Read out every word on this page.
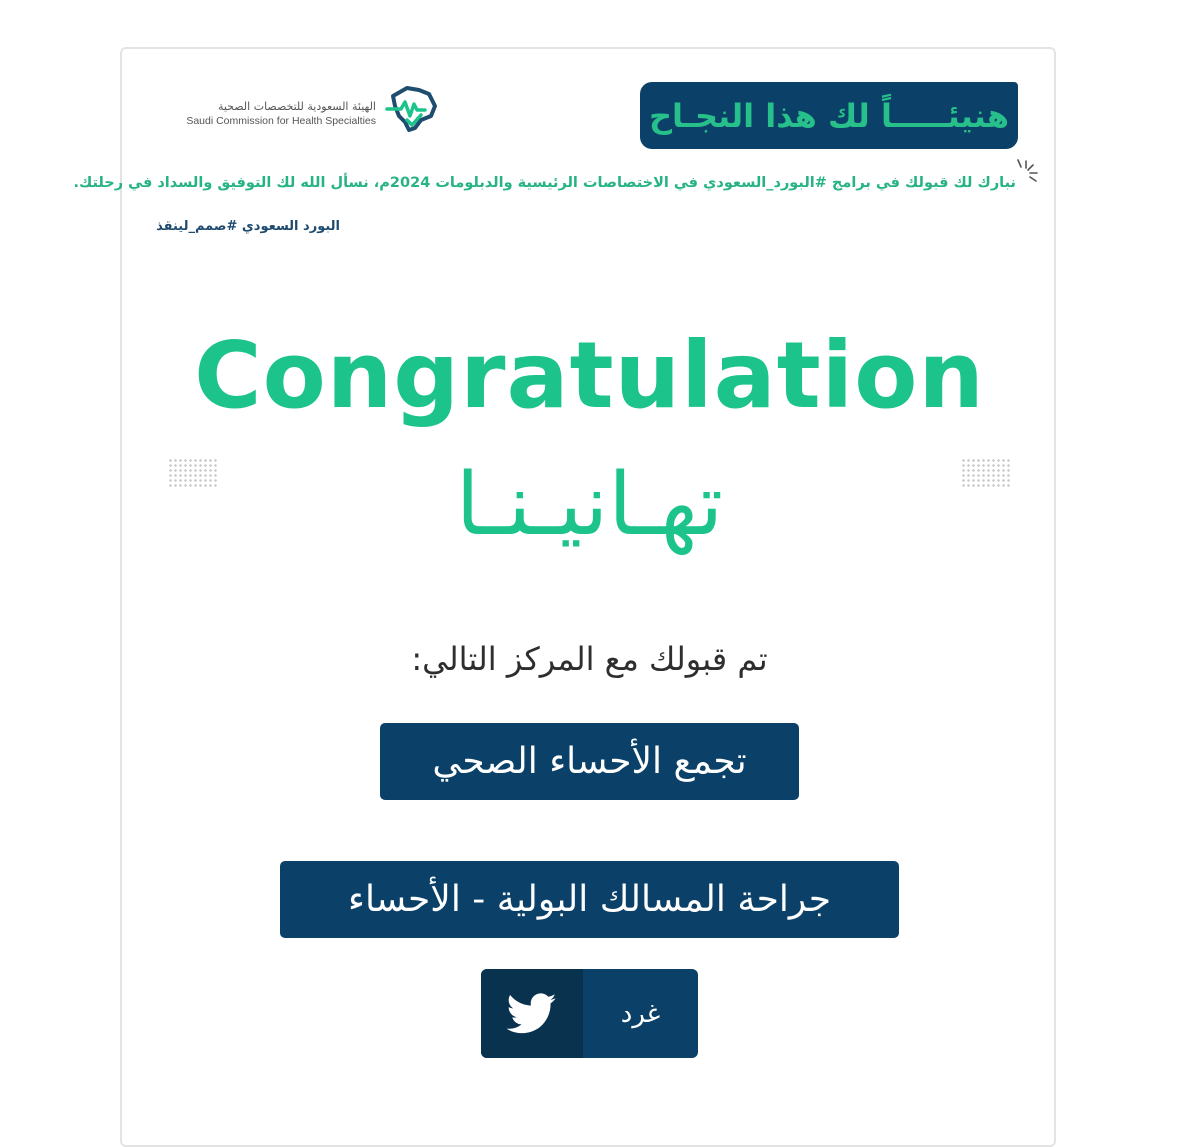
الهيئة السعودية للتخصصات الصحية
Saudi Commission for Health Specialties	هنيئـــــاً لك هذا النجـاح
نبارك لك قبولك في برامج #البورد_السعودي في الاختصاصات الرئيسية والدبلومات 2024م، نسأل الله لك التوفيق والسداد في رحلتك.
البورد السعودي #صمم_لينقذ
Congratulation
تهـانيـنـا
تم قبولك مع المركز التالي:
تجمع الأحساء الصحي
جراحة المسالك البولية - الأحساء
غرد
